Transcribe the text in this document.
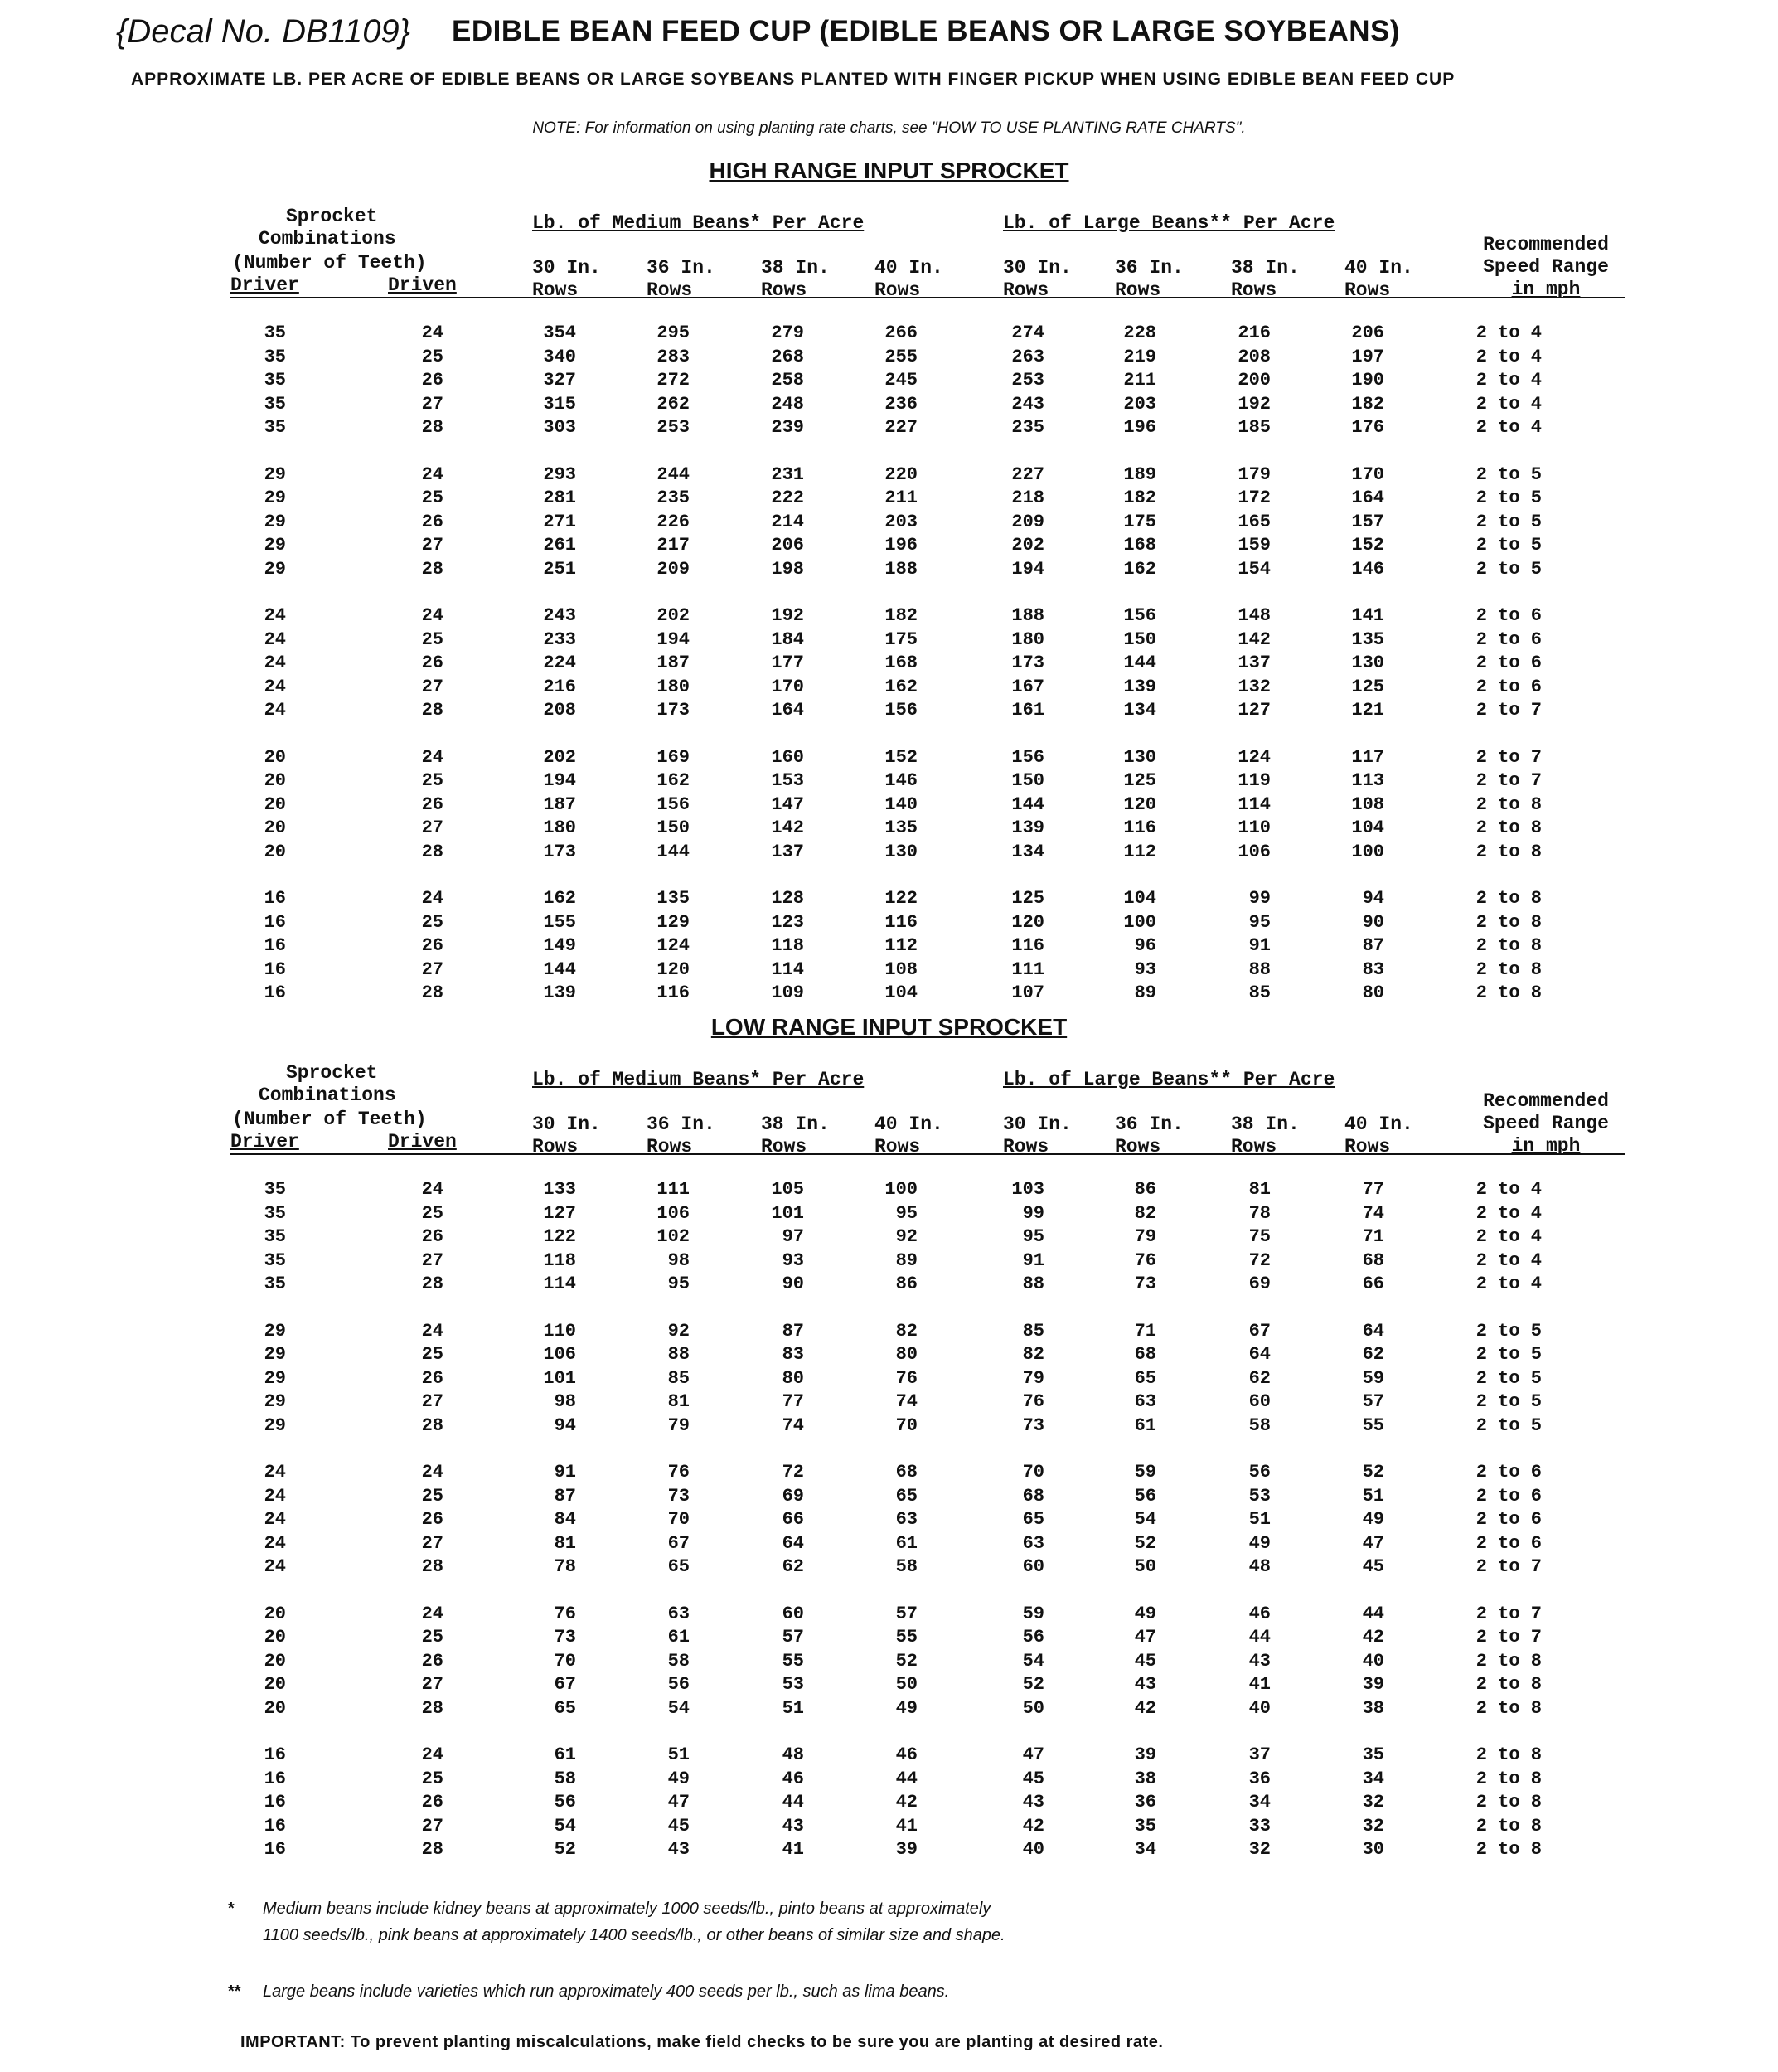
{Decal No. DB1109} EDIBLE BEAN FEED CUP (EDIBLE BEANS OR LARGE SOYBEANS)
APPROXIMATE LB. PER ACRE OF EDIBLE BEANS OR LARGE SOYBEANS PLANTED WITH FINGER PICKUP WHEN USING EDIBLE BEAN FEED CUP
NOTE: For information on using planting rate charts, see "HOW TO USE PLANTING RATE CHARTS".
HIGH RANGE INPUT SPROCKET
Sprocket
Combinations
(Number of Teeth)
Driver	Driven
Lb. of Medium Beans* Per Acre	Lb. of Large Beans** Per Acre
30 In.
Rows
36 In.
Rows
38 In.
Rows
40 In.
Rows
30 In.
Rows
36 In.
Rows
38 In.
Rows
40 In.
Rows
Recommended
Speed Range
in mph
35	24	354	295	279	266	274	228	216	206	2 to 4
35	25	340	283	268	255	263	219	208	197	2 to 4
35	26	327	272	258	245	253	211	200	190	2 to 4
35	27	315	262	248	236	243	203	192	182	2 to 4
35	28	303	253	239	227	235	196	185	176	2 to 4

29	24	293	244	231	220	227	189	179	170	2 to 5
29	25	281	235	222	211	218	182	172	164	2 to 5
29	26	271	226	214	203	209	175	165	157	2 to 5
29	27	261	217	206	196	202	168	159	152	2 to 5
29	28	251	209	198	188	194	162	154	146	2 to 5

24	24	243	202	192	182	188	156	148	141	2 to 6
24	25	233	194	184	175	180	150	142	135	2 to 6
24	26	224	187	177	168	173	144	137	130	2 to 6
24	27	216	180	170	162	167	139	132	125	2 to 6
24	28	208	173	164	156	161	134	127	121	2 to 7

20	24	202	169	160	152	156	130	124	117	2 to 7
20	25	194	162	153	146	150	125	119	113	2 to 7
20	26	187	156	147	140	144	120	114	108	2 to 8
20	27	180	150	142	135	139	116	110	104	2 to 8
20	28	173	144	137	130	134	112	106	100	2 to 8

16	24	162	135	128	122	125	104	99	94	2 to 8
16	25	155	129	123	116	120	100	95	90	2 to 8
16	26	149	124	118	112	116	96	91	87	2 to 8
16	27	144	120	114	108	111	93	88	83	2 to 8
16	28	139	116	109	104	107	89	85	80	2 to 8
LOW RANGE INPUT SPROCKET
Sprocket
Combinations
(Number of Teeth)
Driver	Driven
Lb. of Medium Beans* Per Acre	Lb. of Large Beans** Per Acre
30 In.
Rows
36 In.
Rows
38 In.
Rows
40 In.
Rows
30 In.
Rows
36 In.
Rows
38 In.
Rows
40 In.
Rows
Recommended
Speed Range
in mph
35	24	133	111	105	100	103	86	81	77	2 to 4
35	25	127	106	101	95	99	82	78	74	2 to 4
35	26	122	102	97	92	95	79	75	71	2 to 4
35	27	118	98	93	89	91	76	72	68	2 to 4
35	28	114	95	90	86	88	73	69	66	2 to 4

29	24	110	92	87	82	85	71	67	64	2 to 5
29	25	106	88	83	80	82	68	64	62	2 to 5
29	26	101	85	80	76	79	65	62	59	2 to 5
29	27	98	81	77	74	76	63	60	57	2 to 5
29	28	94	79	74	70	73	61	58	55	2 to 5

24	24	91	76	72	68	70	59	56	52	2 to 6
24	25	87	73	69	65	68	56	53	51	2 to 6
24	26	84	70	66	63	65	54	51	49	2 to 6
24	27	81	67	64	61	63	52	49	47	2 to 6
24	28	78	65	62	58	60	50	48	45	2 to 7

20	24	76	63	60	57	59	49	46	44	2 to 7
20	25	73	61	57	55	56	47	44	42	2 to 7
20	26	70	58	55	52	54	45	43	40	2 to 8
20	27	67	56	53	50	52	43	41	39	2 to 8
20	28	65	54	51	49	50	42	40	38	2 to 8

16	24	61	51	48	46	47	39	37	35	2 to 8
16	25	58	49	46	44	45	38	36	34	2 to 8
16	26	56	47	44	42	43	36	34	32	2 to 8
16	27	54	45	43	41	42	35	33	32	2 to 8
16	28	52	43	41	39	40	34	32	30	2 to 8
* Medium beans include kidney beans at approximately 1000 seeds/lb., pinto beans at approximately
1100 seeds/lb., pink beans at approximately 1400 seeds/lb., or other beans of similar size and shape.
** Large beans include varieties which run approximately 400 seeds per lb., such as lima beans.
IMPORTANT: To prevent planting miscalculations, make field checks to be sure you are planting at desired rate.
